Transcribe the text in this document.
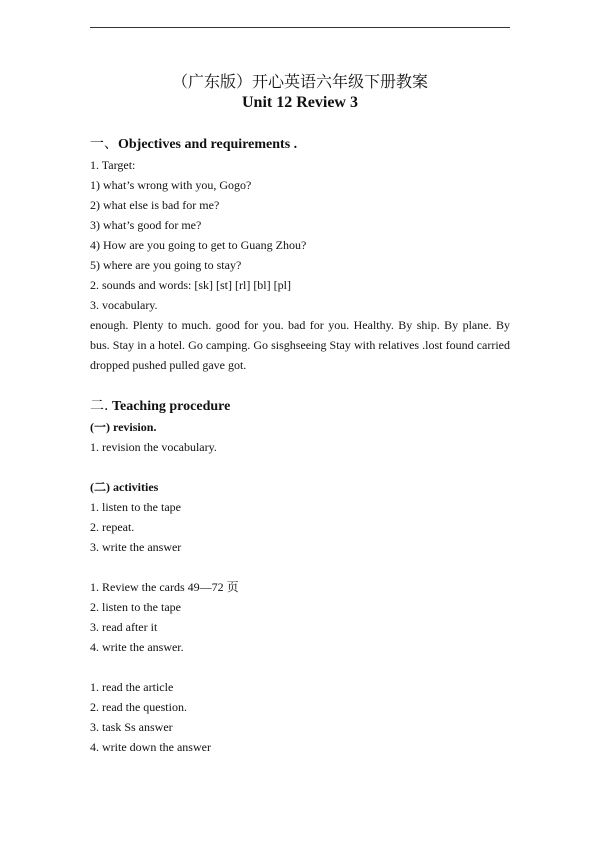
（广东版）开心英语六年级下册教案
Unit 12 Review 3
一、Objectives and requirements .
1. Target:
1) what’s wrong with you, Gogo?
2) what else is bad for me?
3) what’s good for me?
4) How are you going to get to Guang Zhou?
5) where are you going to stay?
2. sounds and words: [sk] [st] [rl] [bl] [pl]
3. vocabulary.
enough. Plenty to much. good for you. bad for you. Healthy. By ship. By plane. By bus. Stay in a hotel. Go camping. Go sisghseeing Stay with relatives .lost found carried dropped pushed pulled gave got.
二. Teaching procedure
(一) revision.
1. revision the vocabulary.
(二) activities
1. listen to the tape
2. repeat.
3. write the answer
1. Review the cards 49—72 页
2. listen to the tape
3. read after it
4. write the answer.
1. read the article
2. read the question.
3. task Ss answer
4. write down the answer
